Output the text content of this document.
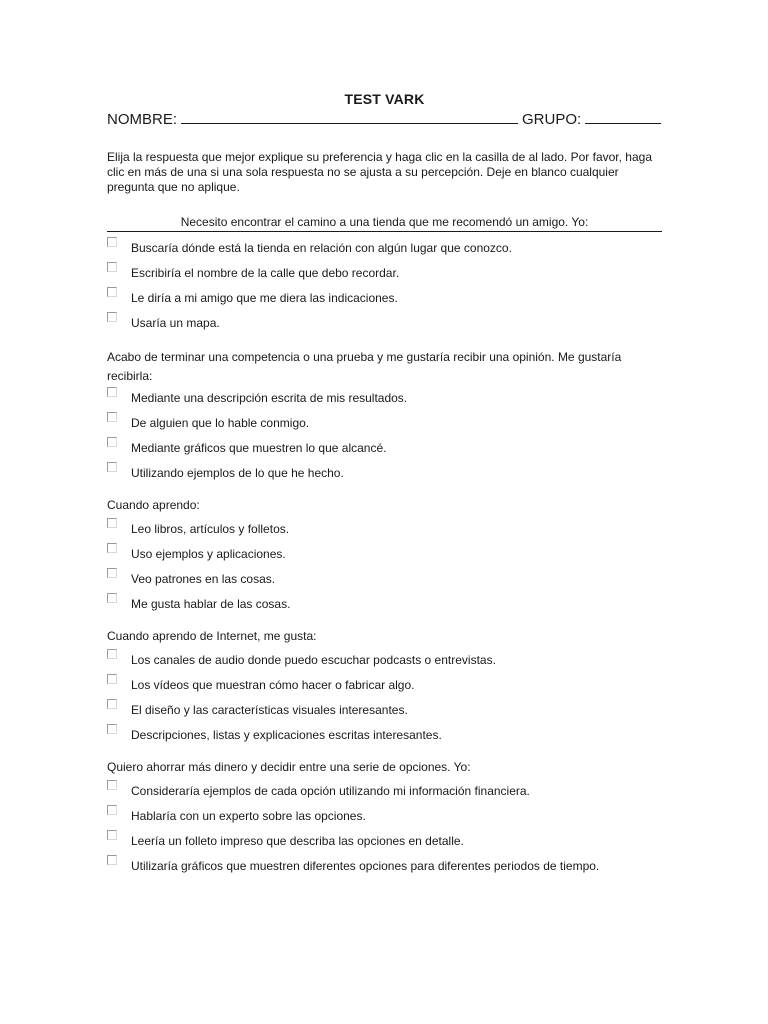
TEST VARK
NOMBRE:	GRUPO:

Elija la respuesta que mejor explique su preferencia y haga clic en la casilla de al lado. Por favor, haga clic en más de una si una sola respuesta no se ajusta a su percepción. Deje en blanco cualquier pregunta que no aplique.

Necesito encontrar el camino a una tienda que me recomendó un amigo. Yo:
Buscaría dónde está la tienda en relación con algún lugar que conozco.
Escribiría el nombre de la calle que debo recordar.
Le diría a mi amigo que me diera las indicaciones.
Usaría un mapa.

Acabo de terminar una competencia o una prueba y me gustaría recibir una opinión. Me gustaría recibirla:

Mediante una descripción escrita de mis resultados.
De alguien que lo hable conmigo.
Mediante gráficos que muestren lo que alcancé.
Utilizando ejemplos de lo que he hecho.

Cuando aprendo:

Leo libros, artículos y folletos.
Uso ejemplos y aplicaciones.
Veo patrones en las cosas.
Me gusta hablar de las cosas.

Cuando aprendo de Internet, me gusta:

Los canales de audio donde puedo escuchar podcasts o entrevistas.
Los vídeos que muestran cómo hacer o fabricar algo.
El diseño y las características visuales interesantes.
Descripciones, listas y explicaciones escritas interesantes.

Quiero ahorrar más dinero y decidir entre una serie de opciones. Yo:

Consideraría ejemplos de cada opción utilizando mi información financiera.
Hablaría con un experto sobre las opciones.
Leería un folleto impreso que describa las opciones en detalle.
Utilizaría gráficos que muestren diferentes opciones para diferentes periodos de tiempo.
